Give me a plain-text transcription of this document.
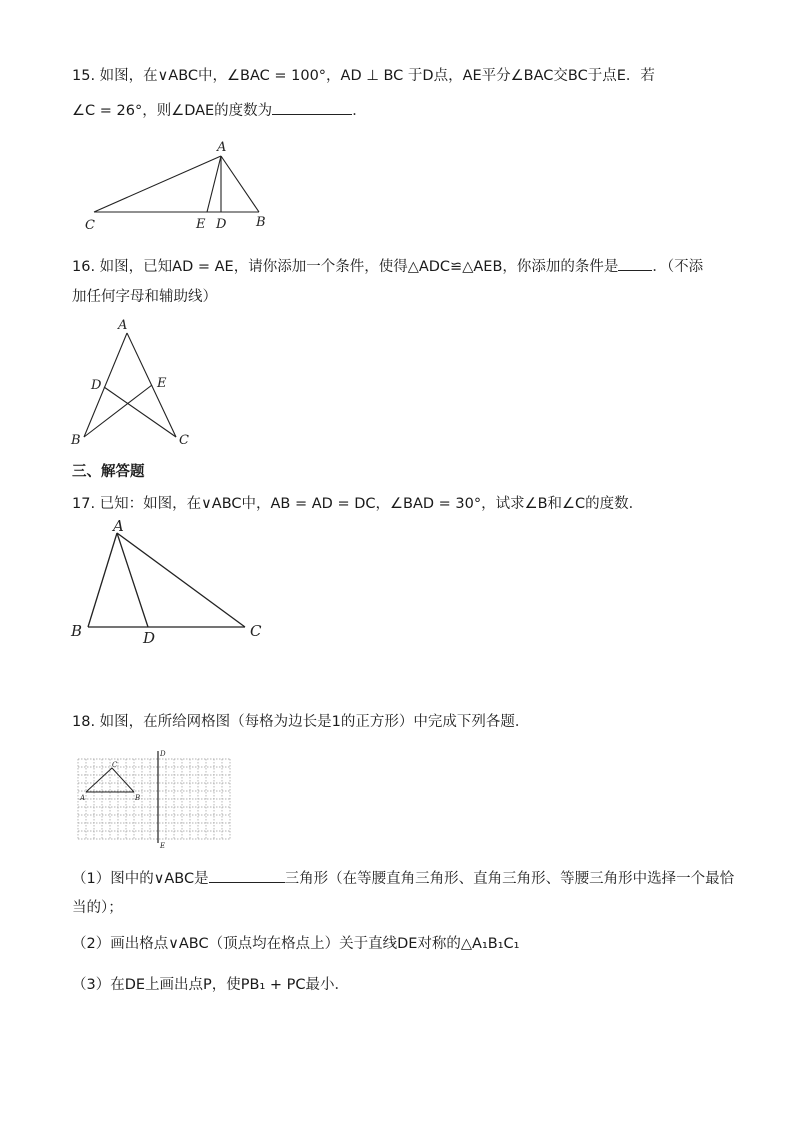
15. 如图，在∨ABC中，∠BAC = 100°，AD ⊥ BC 于D点，AE平分∠BAC交BC于点E．若
∠C = 26°，则∠DAE的度数为	．
A
C	E D B
16. 如图，已知AD = AE，请你添加一个条件，使得△ADC≌△AEB，你添加的条件是 ．（不添
加任何字母和辅助线）
A
D	E
B	C
三、解答题
17. 已知：如图，在∨ABC中，AB = AD = DC，∠BAD = 30°，试求∠B和∠C的度数．
A
B	D	C
18. 如图，在所给网格图（每格为边长是1的正方形）中完成下列各题．
D
E
C
A	B
（1）图中的∨ABC是	三角形（在等腰直角三角形、直角三角形、等腰三角形中选择一个最恰
当的）；
（2）画出格点∨ABC（顶点均在格点上）关于直线DE对称的△A₁B₁C₁
（3）在DE上画出点P，使PB₁ + PC最小．
